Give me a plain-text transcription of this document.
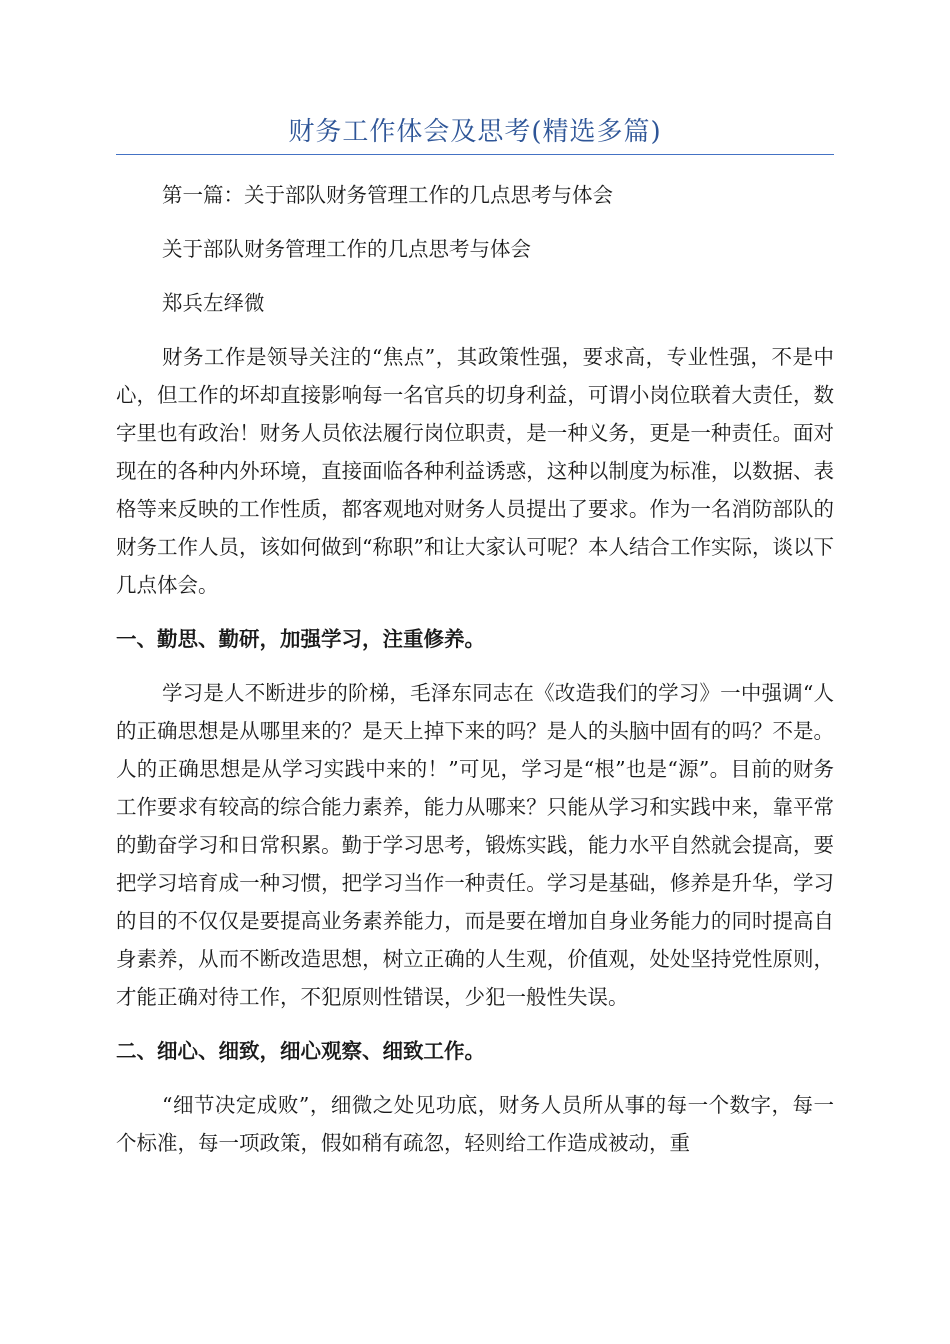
财务工作体会及思考(精选多篇)

第一篇：关于部队财务管理工作的几点思考与体会

关于部队财务管理工作的几点思考与体会

郑兵左绎微

财务工作是领导关注的“焦点”，其政策性强，要求高，专业性强，不是中心，但工作的坏却直接影响每一名官兵的切身利益，可谓小岗位联着大责任，数字里也有政治！财务人员依法履行岗位职责，是一种义务，更是一种责任。面对现在的各种内外环境，直接面临各种利益诱惑，这种以制度为标准，以数据、表格等来反映的工作性质，都客观地对财务人员提出了要求。作为一名消防部队的财务工作人员，该如何做到“称职”和让大家认可呢？本人结合工作实际，谈以下几点体会。

一、勤思、勤研，加强学习，注重修养。

学习是人不断进步的阶梯，毛泽东同志在《改造我们的学习》一中强调“人的正确思想是从哪里来的？是天上掉下来的吗？是人的头脑中固有的吗？不是。人的正确思想是从学习实践中来的！”可见，学习是“根”也是“源”。目前的财务工作要求有较高的综合能力素养，能力从哪来？只能从学习和实践中来，靠平常的勤奋学习和日常积累。勤于学习思考，锻炼实践，能力水平自然就会提高，要把学习培育成一种习惯，把学习当作一种责任。学习是基础，修养是升华，学习的目的不仅仅是要提高业务素养能力，而是要在增加自身业务能力的同时提高自身素养，从而不断改造思想，树立正确的人生观，价值观，处处坚持党性原则，才能正确对待工作，不犯原则性错误，少犯一般性失误。

二、细心、细致，细心观察、细致工作。

“细节决定成败”，细微之处见功底，财务人员所从事的每一个数字，每一个标准，每一项政策，假如稍有疏忽，轻则给工作造成被动，重
